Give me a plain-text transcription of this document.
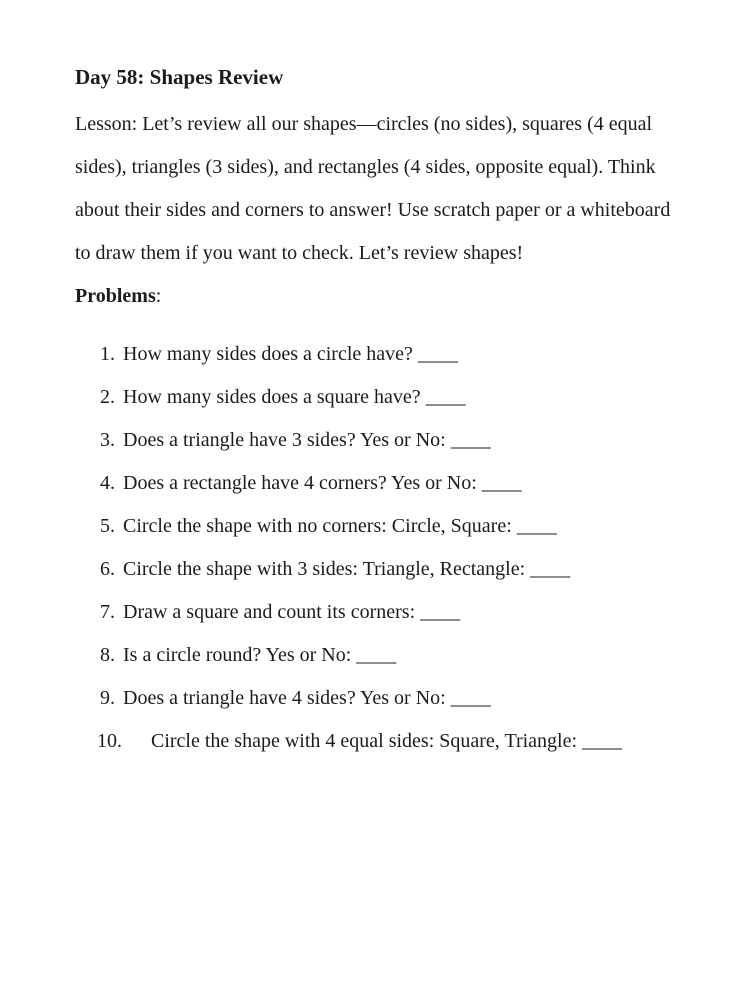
Day 58: Shapes Review

Lesson: Let’s review all our shapes—circles (no sides), squares (4 equal sides), triangles (3 sides), and rectangles (4 sides, opposite equal). Think about their sides and corners to answer! Use scratch paper or a whiteboard to draw them if you want to check. Let’s review shapes!

Problems:

1. How many sides does a circle have? ____
2. How many sides does a square have? ____
3. Does a triangle have 3 sides? Yes or No: ____
4. Does a rectangle have 4 corners? Yes or No: ____
5. Circle the shape with no corners: Circle, Square: ____
6. Circle the shape with 3 sides: Triangle, Rectangle: ____
7. Draw a square and count its corners: ____
8. Is a circle round? Yes or No: ____
9. Does a triangle have 4 sides? Yes or No: ____
10. Circle the shape with 4 equal sides: Square, Triangle: ____
